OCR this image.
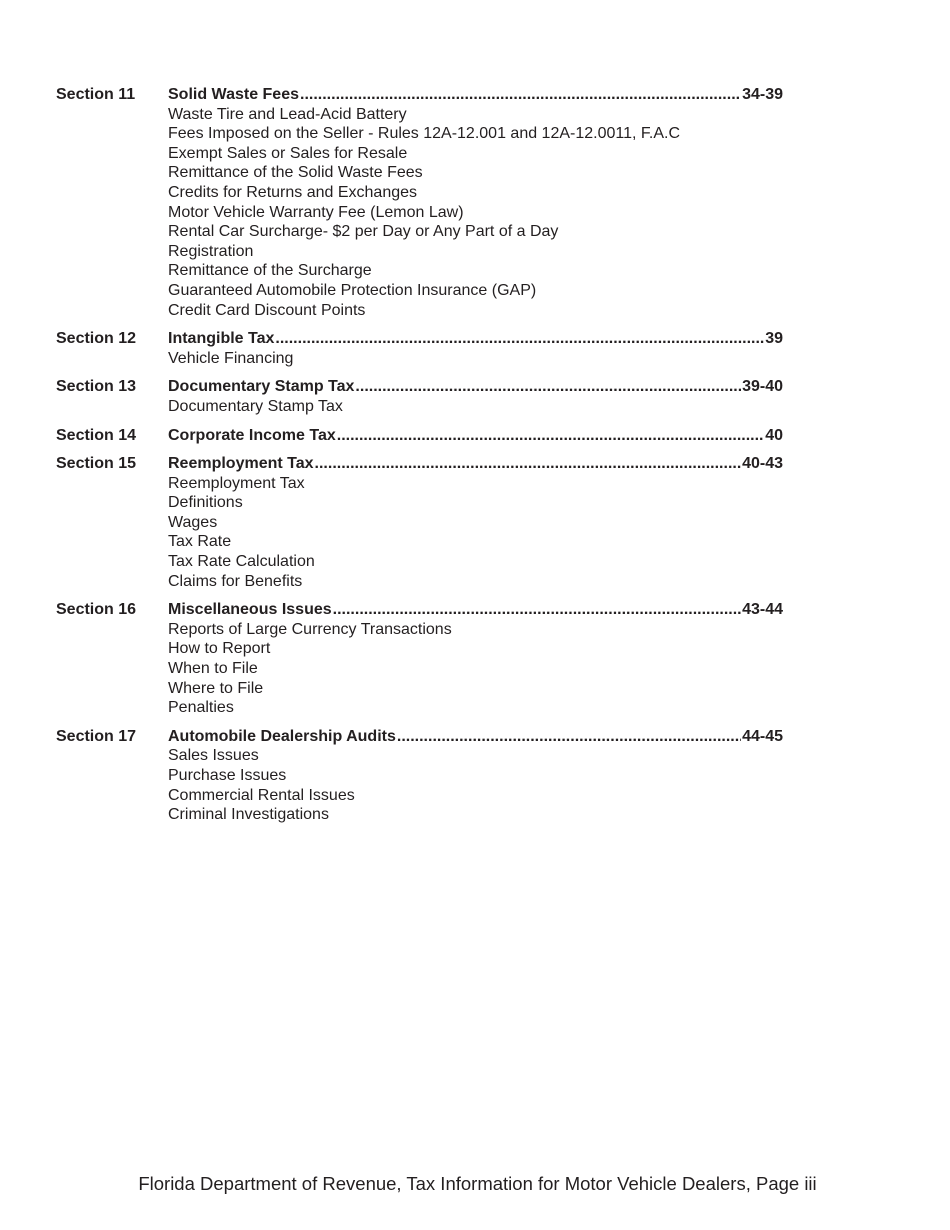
Section 11	Solid Waste Fees .....	34-39
Waste Tire and Lead-Acid Battery
Fees Imposed on the Seller - Rules 12A-12.001 and 12A-12.0011, F.A.C
Exempt Sales or Sales for Resale
Remittance of the Solid Waste Fees
Credits for Returns and Exchanges
Motor Vehicle Warranty Fee (Lemon Law)
Rental Car Surcharge- $2 per Day or Any Part of a Day
Registration
Remittance of the Surcharge
Guaranteed Automobile Protection Insurance (GAP)
Credit Card Discount Points
Section 12	Intangible Tax .....	39
Vehicle Financing
Section 13	Documentary Stamp Tax .....	39-40
Documentary Stamp Tax
Section 14	Corporate Income Tax .....	40
Section 15	Reemployment Tax .....	40-43
Reemployment Tax
Definitions
Wages
Tax Rate
Tax Rate Calculation
Claims for Benefits
Section 16	Miscellaneous Issues .....	43-44
Reports of Large Currency Transactions
How to Report
When to File
Where to File
Penalties
Section 17	Automobile Dealership Audits .....	44-45
Sales Issues
Purchase Issues
Commercial Rental Issues
Criminal Investigations
Florida Department of Revenue, Tax Information for Motor Vehicle Dealers, Page iii
